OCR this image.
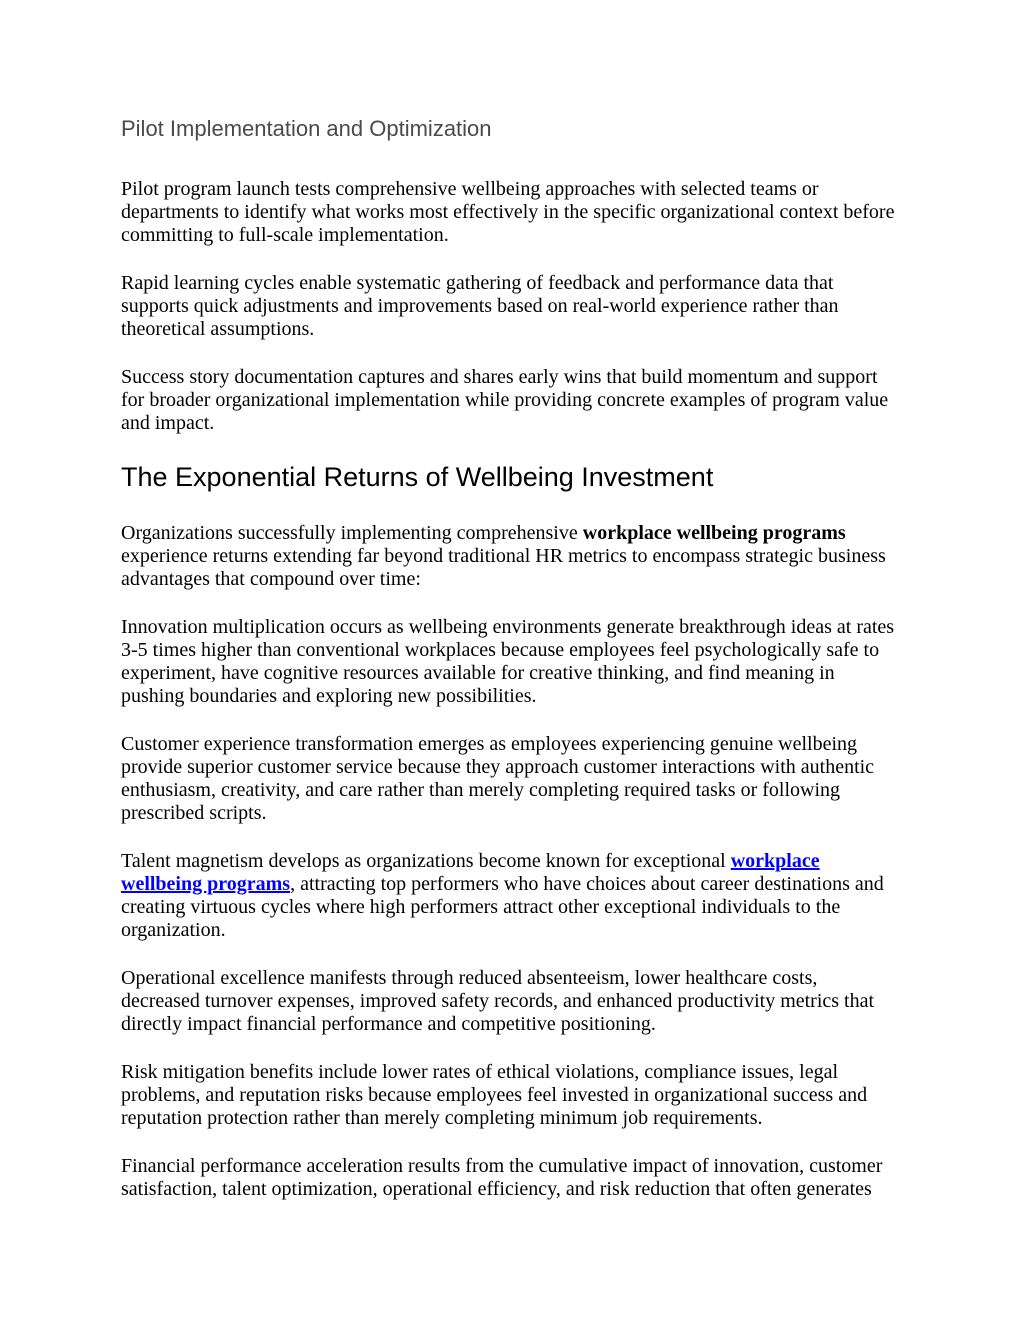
Pilot Implementation and Optimization

Pilot program launch tests comprehensive wellbeing approaches with selected teams or departments to identify what works most effectively in the specific organizational context before committing to full-scale implementation.

Rapid learning cycles enable systematic gathering of feedback and performance data that supports quick adjustments and improvements based on real-world experience rather than theoretical assumptions.

Success story documentation captures and shares early wins that build momentum and support for broader organizational implementation while providing concrete examples of program value and impact.

The Exponential Returns of Wellbeing Investment

Organizations successfully implementing comprehensive workplace wellbeing programs experience returns extending far beyond traditional HR metrics to encompass strategic business advantages that compound over time:

Innovation multiplication occurs as wellbeing environments generate breakthrough ideas at rates 3-5 times higher than conventional workplaces because employees feel psychologically safe to experiment, have cognitive resources available for creative thinking, and find meaning in pushing boundaries and exploring new possibilities.

Customer experience transformation emerges as employees experiencing genuine wellbeing provide superior customer service because they approach customer interactions with authentic enthusiasm, creativity, and care rather than merely completing required tasks or following prescribed scripts.

Talent magnetism develops as organizations become known for exceptional workplace wellbeing programs, attracting top performers who have choices about career destinations and creating virtuous cycles where high performers attract other exceptional individuals to the organization.

Operational excellence manifests through reduced absenteeism, lower healthcare costs, decreased turnover expenses, improved safety records, and enhanced productivity metrics that directly impact financial performance and competitive positioning.

Risk mitigation benefits include lower rates of ethical violations, compliance issues, legal problems, and reputation risks because employees feel invested in organizational success and reputation protection rather than merely completing minimum job requirements.

Financial performance acceleration results from the cumulative impact of innovation, customer satisfaction, talent optimization, operational efficiency, and risk reduction that often generates
